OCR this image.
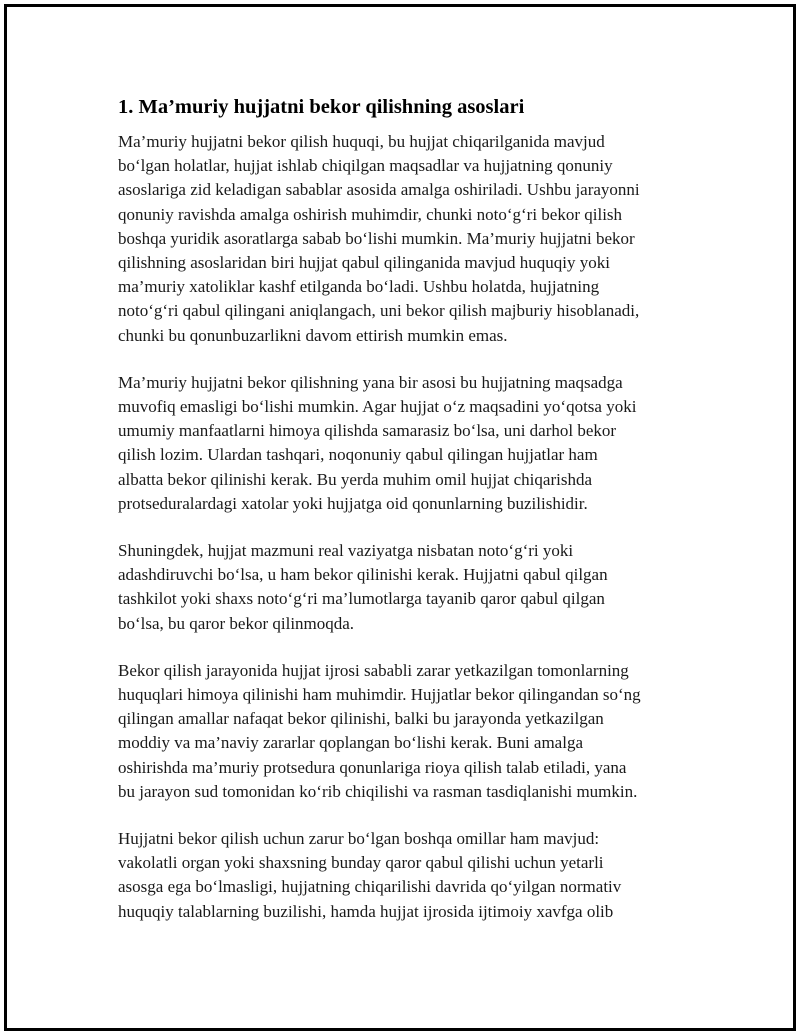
1. Ma’muriy hujjatni bekor qilishning asoslari
Ma’muriy hujjatni bekor qilish huquqi, bu hujjat chiqarilganida mavjud
bo‘lgan holatlar, hujjat ishlab chiqilgan maqsadlar va hujjatning qonuniy
asoslariga zid keladigan sabablar asosida amalga oshiriladi. Ushbu jarayonni
qonuniy ravishda amalga oshirish muhimdir, chunki noto‘g‘ri bekor qilish
boshqa yuridik asoratlarga sabab bo‘lishi mumkin. Ma’muriy hujjatni bekor
qilishning asoslaridan biri hujjat qabul qilinganida mavjud huquqiy yoki
ma’muriy xatoliklar kashf etilganda bo‘ladi. Ushbu holatda, hujjatning
noto‘g‘ri qabul qilingani aniqlangach, uni bekor qilish majburiy hisoblanadi,
chunki bu qonunbuzarlikni davom ettirish mumkin emas.
Ma’muriy hujjatni bekor qilishning yana bir asosi bu hujjatning maqsadga
muvofiq emasligi bo‘lishi mumkin. Agar hujjat o‘z maqsadini yo‘qotsa yoki
umumiy manfaatlarni himoya qilishda samarasiz bo‘lsa, uni darhol bekor
qilish lozim. Ulardan tashqari, noqonuniy qabul qilingan hujjatlar ham
albatta bekor qilinishi kerak. Bu yerda muhim omil hujjat chiqarishda
protseduralardagi xatolar yoki hujjatga oid qonunlarning buzilishidir.
Shuningdek, hujjat mazmuni real vaziyatga nisbatan noto‘g‘ri yoki
adashdiruvchi bo‘lsa, u ham bekor qilinishi kerak. Hujjatni qabul qilgan
tashkilot yoki shaxs noto‘g‘ri ma’lumotlarga tayanib qaror qabul qilgan
bo‘lsa, bu qaror bekor qilinmoqda.
Bekor qilish jarayonida hujjat ijrosi sababli zarar yetkazilgan tomonlarning
huquqlari himoya qilinishi ham muhimdir. Hujjatlar bekor qilingandan so‘ng
qilingan amallar nafaqat bekor qilinishi, balki bu jarayonda yetkazilgan
moddiy va ma’naviy zararlar qoplangan bo‘lishi kerak. Buni amalga
oshirishda ma’muriy protsedura qonunlariga rioya qilish talab etiladi, yana
bu jarayon sud tomonidan ko‘rib chiqilishi va rasman tasdiqlanishi mumkin.
Hujjatni bekor qilish uchun zarur bo‘lgan boshqa omillar ham mavjud:
vakolatli organ yoki shaxsning bunday qaror qabul qilishi uchun yetarli
asosga ega bo‘lmasligi, hujjatning chiqarilishi davrida qo‘yilgan normativ
huquqiy talablarning buzilishi, hamda hujjat ijrosida ijtimoiy xavfga olib
